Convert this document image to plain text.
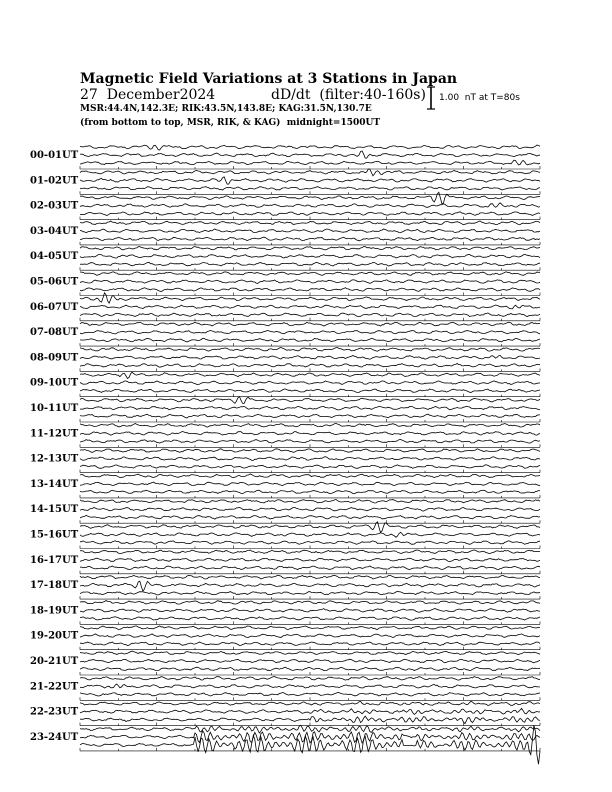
Magnetic Field Variations at 3 Stations in Japan

27  December2024	dD/dt  (filter:40-160s)

MSR:44.4N,142.3E; RIK:43.5N,143.8E; KAG:31.5N,130.7E

(from bottom to top, MSR, RIK, & KAG)  midnight=1500UT

1.00  nT at T=80s

00-01UT
01-02UT
02-03UT
03-04UT
04-05UT
05-06UT
06-07UT
07-08UT
08-09UT
09-10UT
10-11UT
11-12UT
12-13UT
13-14UT
14-15UT
15-16UT
16-17UT
17-18UT
18-19UT
19-20UT
20-21UT
21-22UT
22-23UT
23-24UT
